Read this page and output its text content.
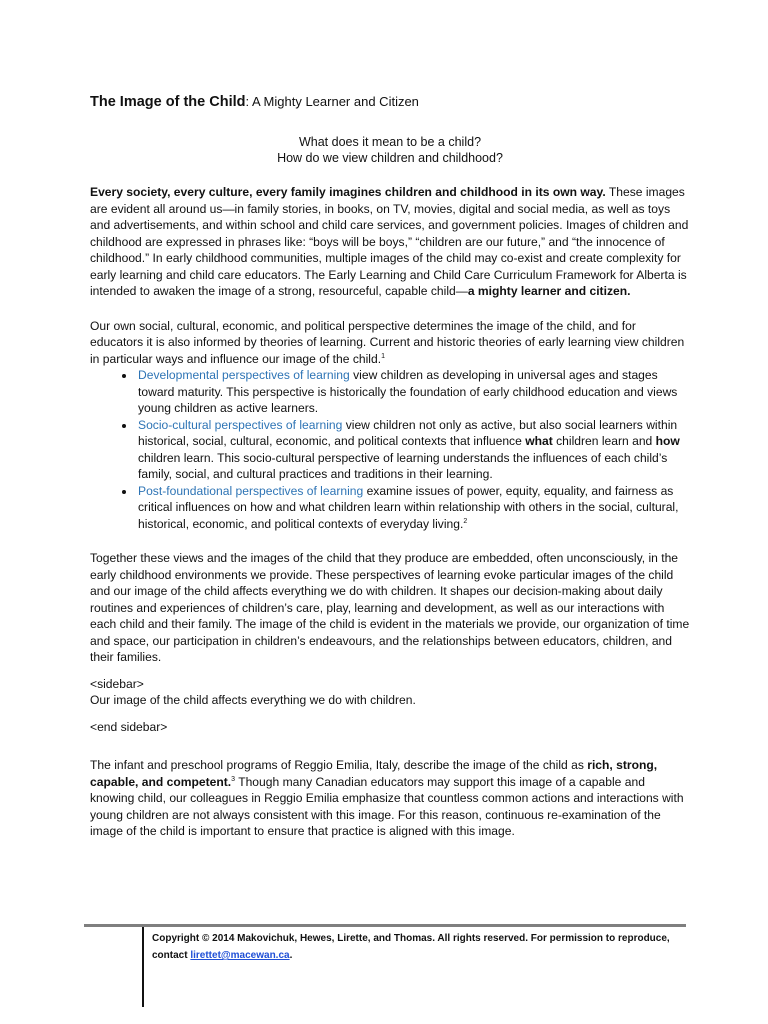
The Image of the Child: A Mighty Learner and Citizen
What does it mean to be a child?
How do we view children and childhood?

Every society, every culture, every family imagines children and childhood in its own way. These images are evident all around us—in family stories, in books, on TV, movies, digital and social media, as well as toys and advertisements, and within school and child care services, and government policies. Images of children and childhood are expressed in phrases like: “boys will be boys,” “children are our future,” and “the innocence of childhood.” In early childhood communities, multiple images of the child may co-exist and create complexity for early learning and child care educators. The Early Learning and Child Care Curriculum Framework for Alberta is intended to awaken the image of a strong, resourceful, capable child—a mighty learner and citizen.

Our own social, cultural, economic, and political perspective determines the image of the child, and for educators it is also informed by theories of learning. Current and historic theories of early learning view children in particular ways and influence our image of the child.$^1$

• Developmental perspectives of learning view children as developing in universal ages and stages toward maturity. This perspective is historically the foundation of early childhood education and views young children as active learners.
• Socio-cultural perspectives of learning view children not only as active, but also social learners within historical, social, cultural, economic, and political contexts that influence what children learn and how children learn. This socio-cultural perspective of learning understands the influences of each child’s family, social, and cultural practices and traditions in their learning.
• Post-foundational perspectives of learning examine issues of power, equity, equality, and fairness as critical influences on how and what children learn within relationship with others in the social, cultural, historical, economic, and political contexts of everyday living.$^2$

Together these views and the images of the child that they produce are embedded, often unconsciously, in the early childhood environments we provide. These perspectives of learning evoke particular images of the child and our image of the child affects everything we do with children. It shapes our decision-making about daily routines and experiences of children’s care, play, learning and development, as well as our interactions with each child and their family. The image of the child is evident in the materials we provide, our organization of time and space, our participation in children’s endeavours, and the relationships between educators, children, and their families.

<sidebar>

Our image of the child affects everything we do with children.

<end sidebar>

The infant and preschool programs of Reggio Emilia, Italy, describe the image of the child as rich, strong, capable, and competent.$^3$ Though many Canadian educators may support this image of a capable and knowing child, our colleagues in Reggio Emilia emphasize that countless common actions and interactions with young children are not always consistent with this image. For this reason, continuous re-examination of the image of the child is important to ensure that practice is aligned with this image.

Copyright © 2014 Makovichuk, Hewes, Lirette, and Thomas. All rights reserved. For permission to reproduce, contact lirettet@macewan.ca.
